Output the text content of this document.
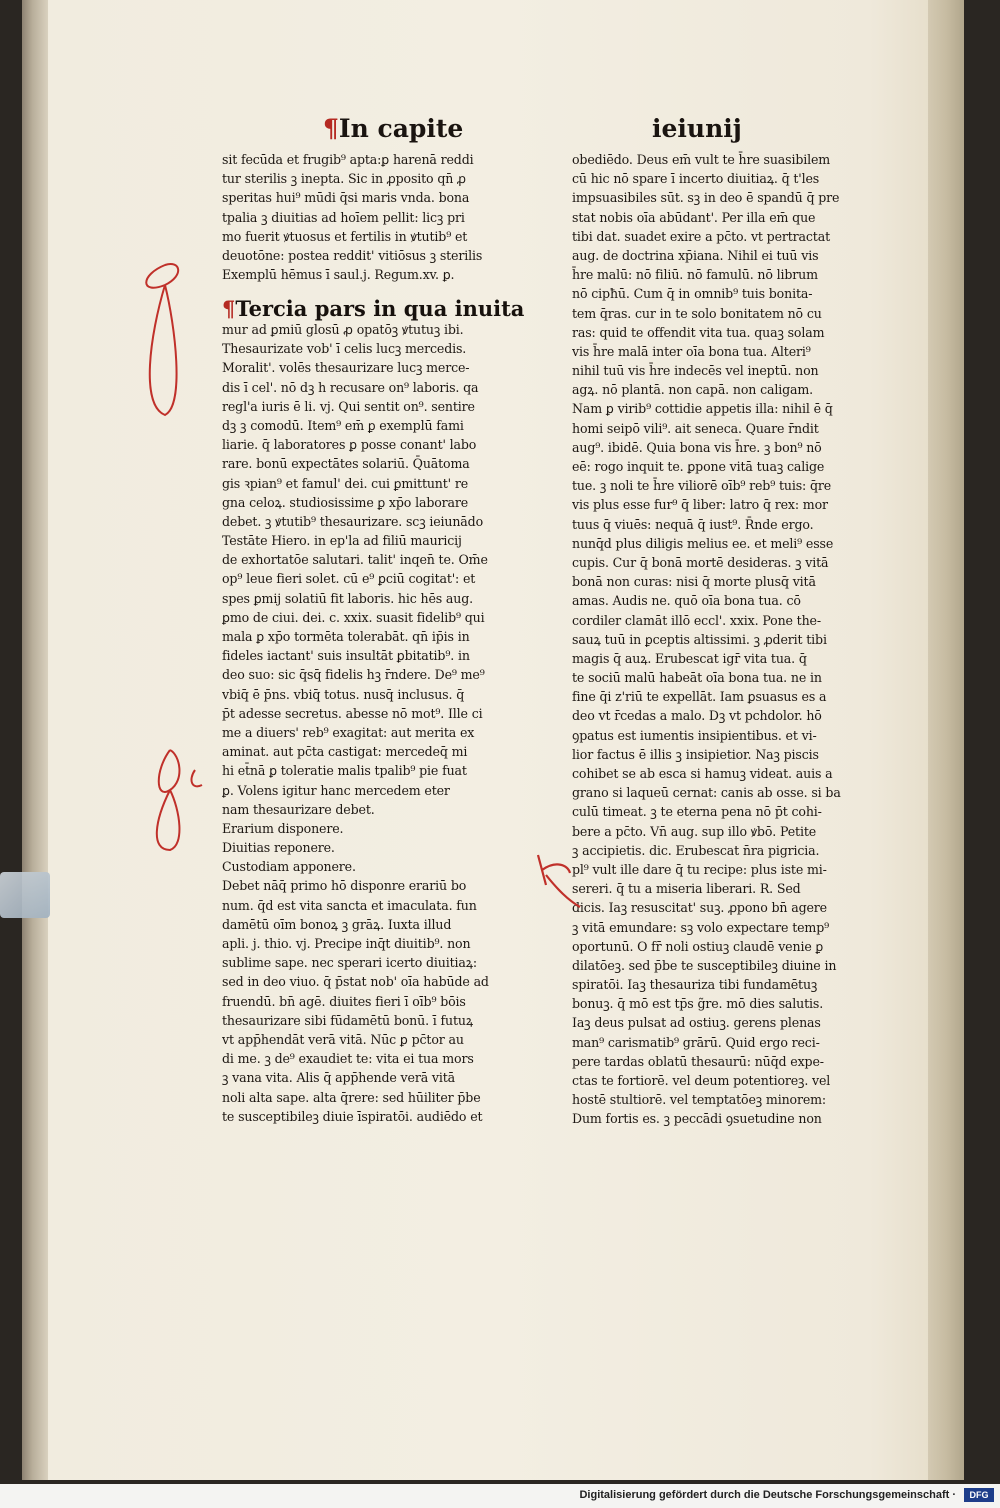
¶In capite	ieiunij
sit fecūda et frugib⁹ apta:ꝑ harenā reddi
tur sterilis ꝫ inepta. Sic in ꝓposito qn̄ ꝓ
speritas hui⁹ mūdi q̄si maris vnda. bona
tpalia ꝫ diuitias ad hoīem pellit: licꝫ pri
mo fuerit ꝟtuosus et fertilis in ꝟtutib⁹ et
deuotōne: postea reddit' vitiōsus ꝫ sterilis
Exemplū hēmus ī saul.j. Regum.xv. ꝑ.
¶Tercia pars in qua inuita
mur ad ꝑmiū glosū ꝓ opatōꝫ ꝟtutuꝫ ibi.
Thesaurizate vob' ī celis lucꝫ mercedis.
Moralit'. volēs thesaurizare lucꝫ merce-
dis ī cel'. nō dꝫ h recusare on⁹ laboris. qa
regl'a iuris ē li. vj. Qui sentit on⁹. sentire
dꝫ ꝫ comodū. Item⁹ em̄ ꝑ exemplū fami
liarie. q̄ laboratores ꝑ posse conant' labo
rare. bonū expectātes solariū. Q̄uātoma
gis ꝛpian⁹ et famul' dei. cui ꝑmittunt' re
gna celoꝝ. studiosissime ꝑ xp̄o laborare
debet. ꝫ ꝟtutib⁹ thesaurizare. scꝫ ieiunādo
Testāte Hiero. in ep'la ad filiū mauricij
de exhortatōe salutari. talit' inqen̄ te. Om̄e
op⁹ leue fieri solet. cū e⁹ ꝑciū cogitat': et
spes ꝑmij solatiū fit laboris. hic hēs aug.
ꝑmo de ciui. dei. c. xxix. suasit fidelib⁹ qui
mala ꝑ xp̄o tormēta tolerabāt. qn̄ ip̄is in
fideles iactant' suis insultāt ꝑbitatib⁹. in
deo suo: sic q̄sq̄ fidelis hꝫ r̄ndere. De⁹ me⁹
vbiq̄ ē p̄ns. vbiq̄ totus. nusq̄ inclusus. q̄
p̄t adesse secretus. abesse nō mot⁹. Ille ci
me a diuers' reb⁹ exagitat: aut merita ex
aminat. aut pc̄ta castigat: mercedeq̄ mi
hi et̄nā ꝑ toleratie malis tpalib⁹ pie fuat
ꝑ. Volens igitur hanc mercedem eter
nam thesaurizare debet.
Erarium disponere.
Diuitias reponere.
Custodiam apponere.
Debet nāq̄ primo hō disponre erariū bo
num. q̄d est vita sancta et imaculata. fun
damētū oīm bonoꝝ ꝫ grāꝝ. Iuxta illud
apli. j. thio. vj. Precipe inq̄t diuitib⁹. non
sublime sape. nec sperari icerto diuitiaꝝ:
sed in deo viuo. q̄ p̄stat nob' oīa habūde ad
fruendū. bn̄ agē. diuites fieri ī oīb⁹ bōis
thesaurizare sibi fūdamētū bonū. ī futuꝝ
vt app̄hendāt verā vitā. Nūc ꝑ pc̄tor au
di me. ꝫ de⁹ exaudiet te: vita ei tua mors
ꝫ vana vita. Alis q̄ app̄hende verā vitā
noli alta sape. alta q̄rere: sed hūiliter p̄be
te susceptibileꝫ diuie īspiratōi. audiēdo et
obediēdo. Deus em̄ vult te h̄re suasibilem
cū hic nō spare ī incerto diuitiaꝝ. q̄ t'les
impsuasibiles sūt. sꝫ in deo ē spandū q̄ pre
stat nobis oīa abūdant'. Per illa em̄ que
tibi dat. suadet exire a pc̄to. vt pertractat
aug. de doctrina xp̄iana. Nihil ei tuū vis
h̄re malū: nō filiū. nō famulū. nō librum
nō cipħū. Cum q̄ in omnib⁹ tuis bonita-
tem q̄ras. cur in te solo bonitatem nō cu
ras: quid te offendit vita tua. quaꝫ solam
vis h̄re malā inter oīa bona tua. Alteri⁹
nihil tuū vis h̄re indecēs vel ineptū. non
agꝝ. nō plantā. non capā. non caligam.
Nam ꝑ virib⁹ cottidie appetis illa: nihil ē q̄
homi seipō vili⁹. ait seneca. Quare r̄ndit
aug⁹. ibidē. Quia bona vis h̄re. ꝫ bon⁹ nō
eē: rogo inquit te. ꝑpone vitā tuaꝫ calige
tue. ꝫ noli te h̄re viliorē oīb⁹ reb⁹ tuis: q̄re
vis plus esse fur⁹ q̄ liber: latro q̄ rex: mor
tuus q̄ viuēs: nequā q̄ iust⁹. R̄nde ergo.
nunq̄d plus diligis melius ee. et meli⁹ esse
cupis. Cur q̄ bonā mortē desideras. ꝫ vitā
bonā non curas: nisi q̄ morte plusq̄ vitā
amas. Audis ne. quō oīa bona tua. cō
cordiler clamāt illō eccl'. xxix. Pone the-
sauꝝ tuū in ꝑceptis altissimi. ꝫ ꝓderit tibi
magis q̄ auꝝ. Erubescat igr̄ vita tua. q̄
te sociū malū habeāt oīa bona tua. ne in
fine q̄i z'riū te expellāt. Iam ꝑsuasus es a
deo vt r̄cedas a malo. Dꝫ vt pchdolor. hō
ꝯpatus est iumentis insipientibus. et vi-
lior factus ē illis ꝫ insipietior. Naꝫ piscis
cohibet se ab esca si hamuꝫ videat. auis a
grano si laqueū cernat: canis ab osse. si ba
culū timeat. ꝫ te eterna pena nō p̄t cohi-
bere a pc̄to. Vn̄ aug. sup illo ꝟbō. Petite
ꝫ accipietis. dic. Erubescat n̄ra pigricia.
pl⁹ vult ille dare q̄ tu recipe: plus iste mi-
sereri. q̄ tu a miseria liberari. R. Sed
dicis. Iaꝫ resuscitat' suꝫ. ꝓpono bn̄ agere
ꝫ vitā emundare: sꝫ volo expectare temp⁹
oportunū. O fr̄ noli ostiuꝫ claudē venie ꝑ
dilatōeꝫ. sed p̄be te susceptibileꝫ diuine in
spiratōi. Iaꝫ thesauriza tibi fundamētuꝫ
bonuꝫ. q̄ mō est tp̄s g̃re. mō dies salutis.
Iaꝫ deus pulsat ad ostiuꝫ. gerens plenas
man⁹ carismatib⁹ grārū. Quid ergo reci-
pere tardas oblatū thesaurū: nūq̄d expe-
ctas te fortiorē. vel deum potentioreꝫ. vel
hostē stultiorē. vel temptatōeꝫ minorem:
Dum fortis es. ꝫ peccādi ꝯsuetudine non
Digitalisierung gefördert durch die Deutsche Forschungsgemeinschaft ·	DFG
